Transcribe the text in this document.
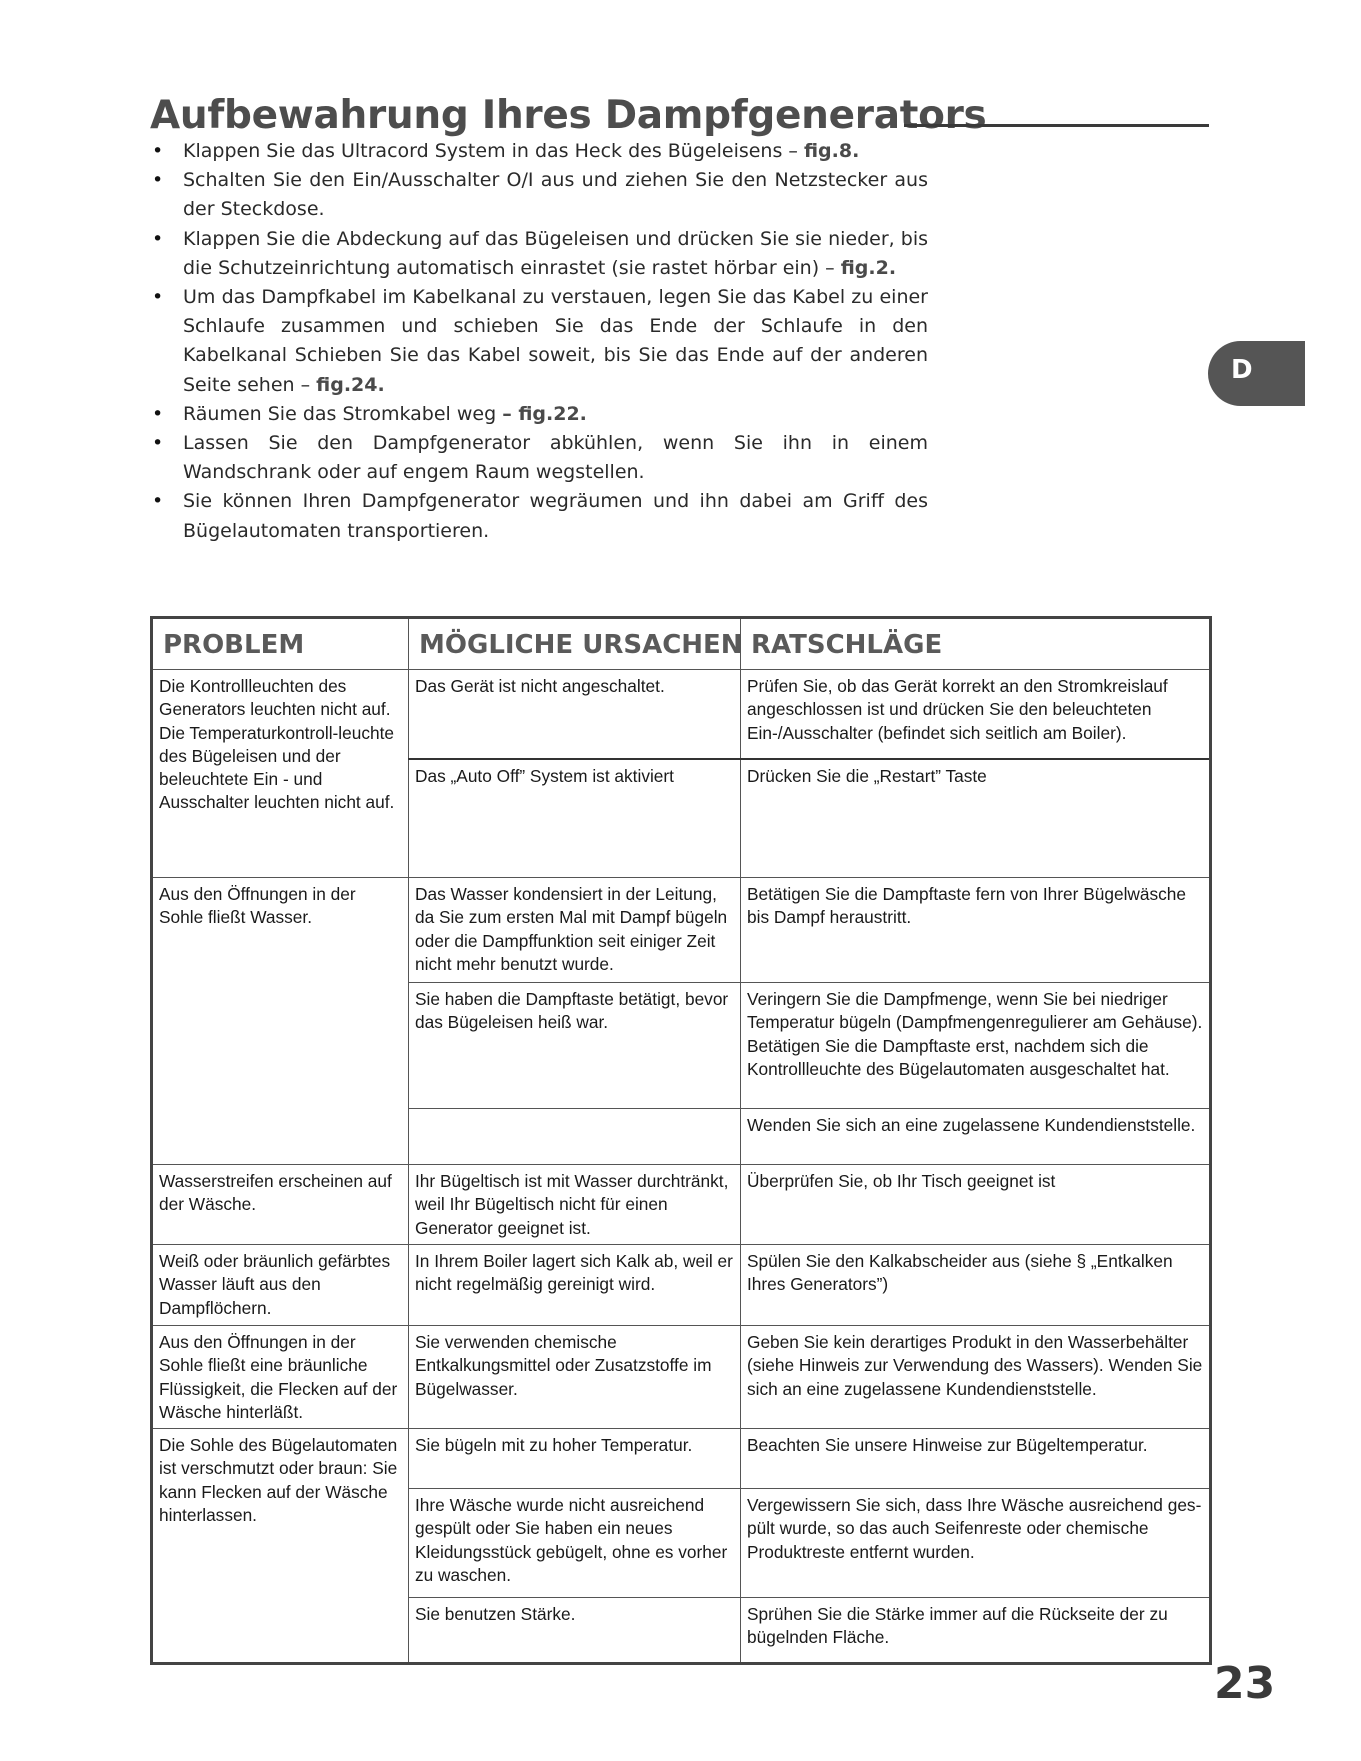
Aufbewahrung Ihres Dampfgenerators
• Klappen Sie das Ultracord System in das Heck des Bügeleisens – fig.8.
• Schalten Sie den Ein/Ausschalter O/I aus und ziehen Sie den Netzstecker aus der Steckdose.
• Klappen Sie die Abdeckung auf das Bügeleisen und drücken Sie sie nieder, bis die Schutzeinrichtung automatisch einrastet (sie rastet hörbar ein) – fig.2.
• Um das Dampfkabel im Kabelkanal zu verstauen, legen Sie das Kabel zu einer Schlaufe zusammen und schieben Sie das Ende der Schlaufe in den Kabelkanal Schieben Sie das Kabel soweit, bis Sie das Ende auf der anderen Seite sehen – fig.24.
• Räumen Sie das Stromkabel weg – fig.22.
• Lassen Sie den Dampfgenerator abkühlen, wenn Sie ihn in einem Wandschrank oder auf engem Raum wegstellen.
• Sie können Ihren Dampfgenerator wegräumen und ihn dabei am Griff des Bügelautomaten transportieren.
D
PROBLEM	MÖGLICHE URSACHEN RATSCHLÄGE
Die Kontrollleuchten des Generators leuchten nicht auf. Die Temperaturkontroll-leuchte des Bügeleisen und der beleuchtete Ein - und Ausschalter leuchten nicht auf.
Aus den Öffnungen in der Sohle fließt Wasser.
Wasserstreifen erscheinen auf der Wäsche.
Weiß oder bräunlich gefärbtes Wasser läuft aus den Dampflöchern.
Aus den Öffnungen in der Sohle fließt eine bräunliche Flüssigkeit, die Flecken auf der Wäsche hinterläßt.
Die Sohle des Bügelautomaten ist verschmutzt oder braun: Sie kann Flecken auf der Wäsche hinterlassen.
Das Gerät ist nicht angeschaltet.
Das „Auto Off” System ist aktiviert
Das Wasser kondensiert in der Leitung, da Sie zum ersten Mal mit Dampf bügeln oder die Dampffunktion seit einiger Zeit nicht mehr benutzt wurde.
Sie haben die Dampftaste betätigt, bevor das Bügeleisen heiß war.
Ihr Bügeltisch ist mit Wasser durchtränkt, weil Ihr Bügeltisch nicht für einen Generator geeignet ist.
In Ihrem Boiler lagert sich Kalk ab, weil er nicht regelmäßig gereinigt wird.
Sie verwenden chemische Entkalkungsmittel oder Zusatzstoffe im Bügelwasser.
Sie bügeln mit zu hoher Temperatur.
Ihre Wäsche wurde nicht ausreichend gespült oder Sie haben ein neues Kleidungsstück gebügelt, ohne es vorher zu waschen.
Sie benutzen Stärke.
Prüfen Sie, ob das Gerät korrekt an den Stromkreislauf angeschlossen ist und drücken Sie den beleuchteten Ein-/Ausschalter (befindet sich seitlich am Boiler).
Drücken Sie die „Restart” Taste
Betätigen Sie die Dampftaste fern von Ihrer Bügelwäsche bis Dampf heraustritt.
Veringern Sie die Dampfmenge, wenn Sie bei niedriger Temperatur bügeln (Dampfmengenregulierer am Gehäuse). Betätigen Sie die Dampftaste erst, nachdem sich die Kontrollleuchte des Bügelautomaten ausgeschaltet hat.
Wenden Sie sich an eine zugelassene Kundendienststelle.
Überprüfen Sie, ob Ihr Tisch geeignet ist
Spülen Sie den Kalkabscheider aus (siehe § „Entkalken Ihres Generators”)
Geben Sie kein derartiges Produkt in den Wasserbehälter (siehe Hinweis zur Verwendung des Wassers). Wenden Sie sich an eine zugelassene Kundendienststelle.
Beachten Sie unsere Hinweise zur Bügeltemperatur.
Vergewissern Sie sich, dass Ihre Wäsche ausreichend ges-pült wurde, so das auch Seifenreste oder chemische Produktreste entfernt wurden.
Sprühen Sie die Stärke immer auf die Rückseite der zu bügelnden Fläche.
23
